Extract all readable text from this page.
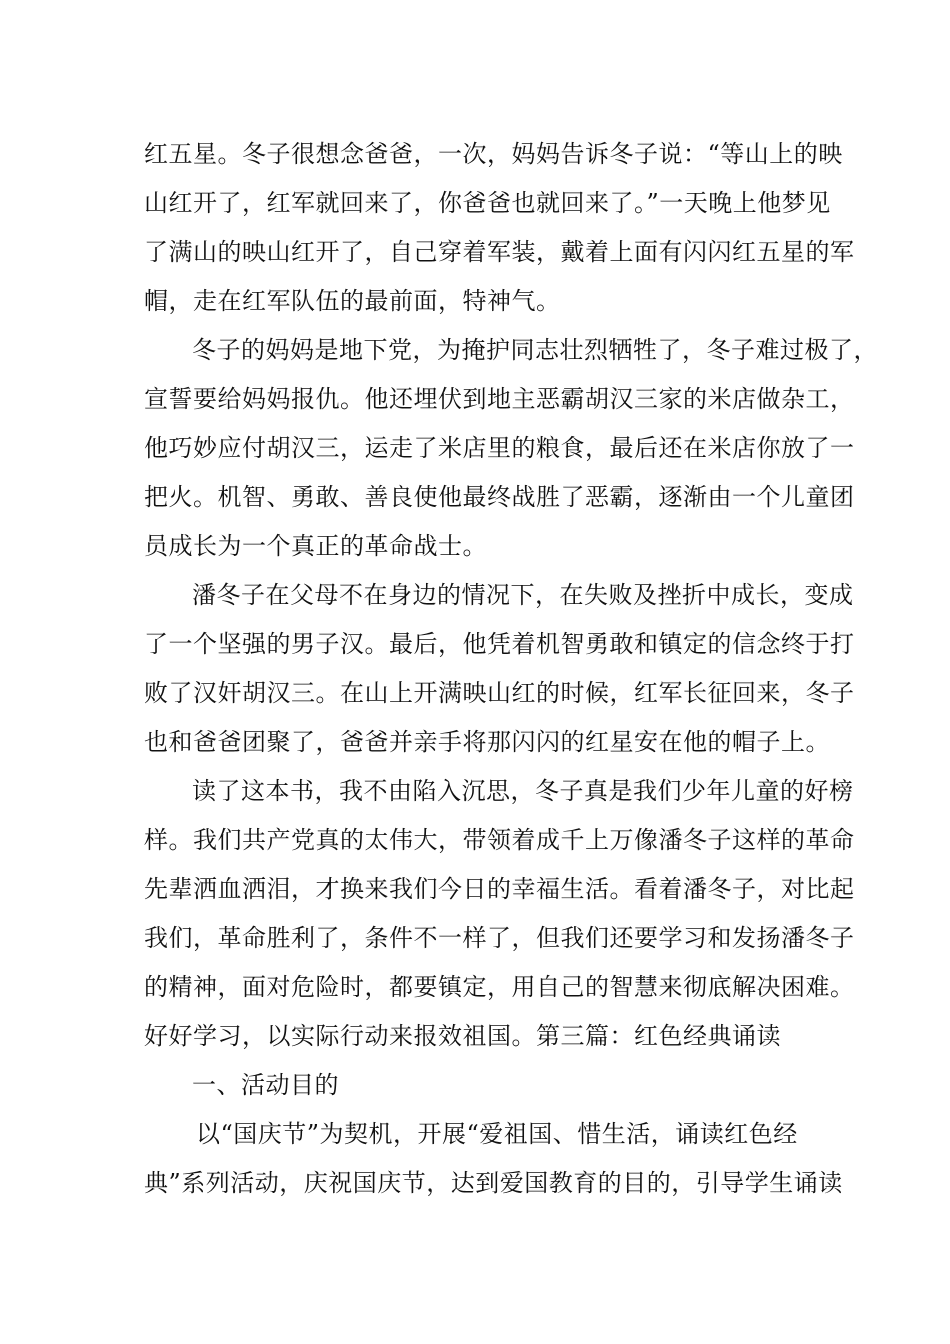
红五星。冬子很想念爸爸，一次，妈妈告诉冬子说：“等山上的映
山红开了，红军就回来了，你爸爸也就回来了。”一天晚上他梦见
了满山的映山红开了，自己穿着军装，戴着上面有闪闪红五星的军
帽，走在红军队伍的最前面，特神气。
冬子的妈妈是地下党，为掩护同志壮烈牺牲了，冬子难过极了，
宣誓要给妈妈报仇。他还埋伏到地主恶霸胡汉三家的米店做杂工，
他巧妙应付胡汉三，运走了米店里的粮食，最后还在米店你放了一
把火。机智、勇敢、善良使他最终战胜了恶霸，逐渐由一个儿童团
员成长为一个真正的革命战士。
潘冬子在父母不在身边的情况下，在失败及挫折中成长，变成
了一个坚强的男子汉。最后，他凭着机智勇敢和镇定的信念终于打
败了汉奸胡汉三。在山上开满映山红的时候，红军长征回来，冬子
也和爸爸团聚了，爸爸并亲手将那闪闪的红星安在他的帽子上。
读了这本书，我不由陷入沉思，冬子真是我们少年儿童的好榜
样。我们共产党真的太伟大，带领着成千上万像潘冬子这样的革命
先辈洒血洒泪，才换来我们今日的幸福生活。看着潘冬子，对比起
我们，革命胜利了，条件不一样了，但我们还要学习和发扬潘冬子
的精神，面对危险时，都要镇定，用自己的智慧来彻底解决困难。
好好学习，以实际行动来报效祖国。第三篇：红色经典诵读
一、活动目的
以“国庆节”为契机，开展“爱祖国、惜生活，诵读红色经
典”系列活动，庆祝国庆节，达到爱国教育的目的，引导学生诵读
